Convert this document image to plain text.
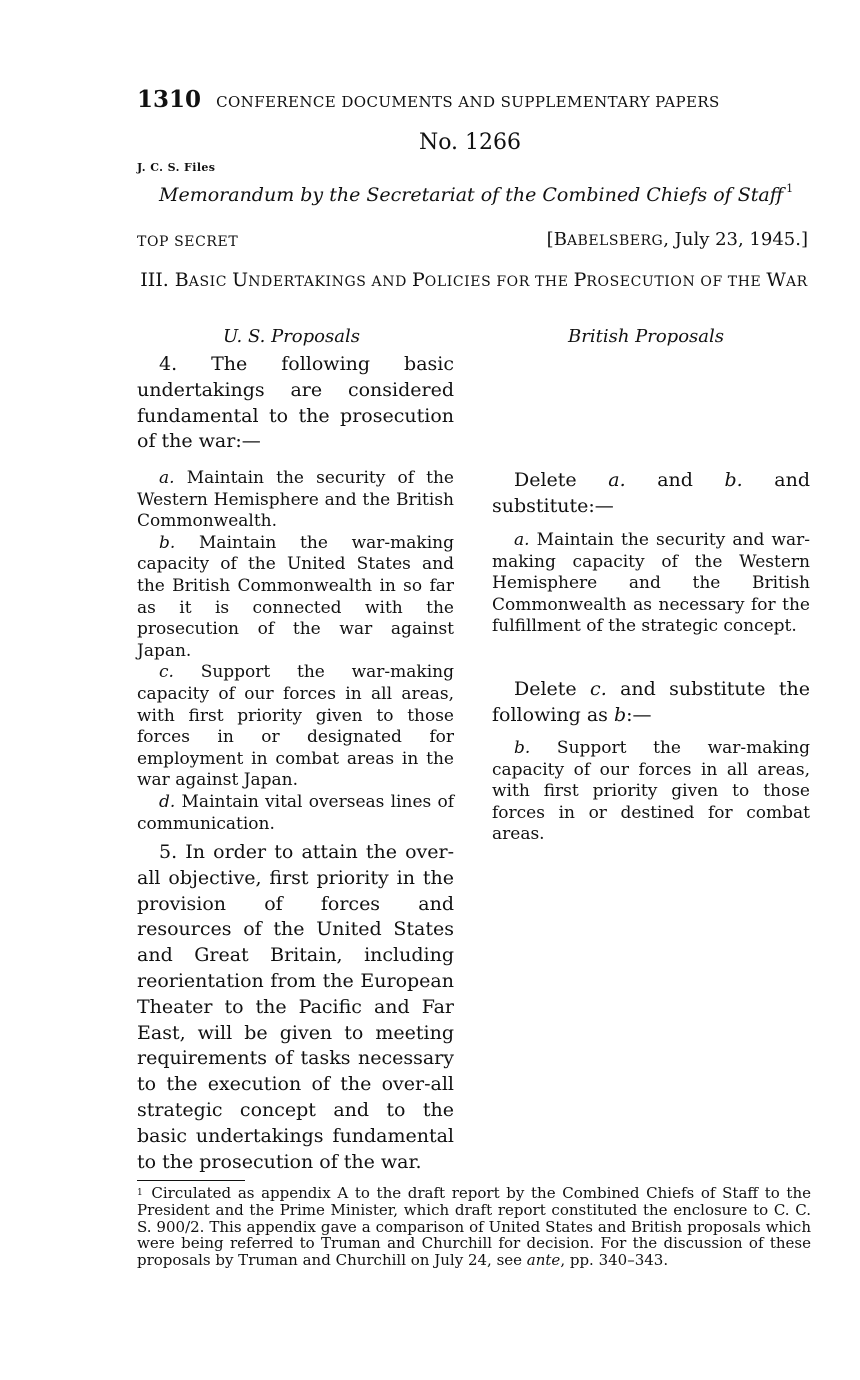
1310 CONFERENCE DOCUMENTS AND SUPPLEMENTARY PAPERS
No. 1266
J. C. S. Files
Memorandum by the Secretariat of the Combined Chiefs of Staff $^1$
TOP SECRET	[BABELSBERG, July 23, 1945.]
III. BASIC UNDERTAKINGS AND POLICIES FOR THE PROSECUTION OF THE WAR
U. S. Proposals	British Proposals

4. The following basic undertakings are considered fundamental to the prosecution of the war:—

a. Maintain the security of the Western Hemisphere and the British Commonwealth.

b. Maintain the war-making capacity of the United States and the British Commonwealth in so far as it is connected with the prosecution of the war against Japan.

c. Support the war-making capacity of our forces in all areas, with first priority given to those forces in or designated for employment in combat areas in the war against Japan.

d. Maintain vital overseas lines of communication.

5. In order to attain the over-all objective, first priority in the provision of forces and resources of the United States and Great Britain, including reorientation from the European Theater to the Pacific and Far East, will be given to meeting requirements of tasks necessary to the execution of the over-all strategic concept and to the basic undertakings fundamental to the prosecution of the war.

Delete a. and b. and substitute:—

a. Maintain the security and war-making capacity of the Western Hemisphere and the British Commonwealth as necessary for the fulfillment of the strategic concept.

Delete c. and substitute the following as b:—

b. Support the war-making capacity of our forces in all areas, with first priority given to those forces in or destined for combat areas.

$^1$ Circulated as appendix A to the draft report by the Combined Chiefs of Staff to the President and the Prime Minister, which draft report constituted the enclosure to C. C. S. 900/2. This appendix gave a comparison of United States and British proposals which were being referred to Truman and Churchill for decision. For the discussion of these proposals by Truman and Churchill on July 24, see ante, pp. 340–343.
